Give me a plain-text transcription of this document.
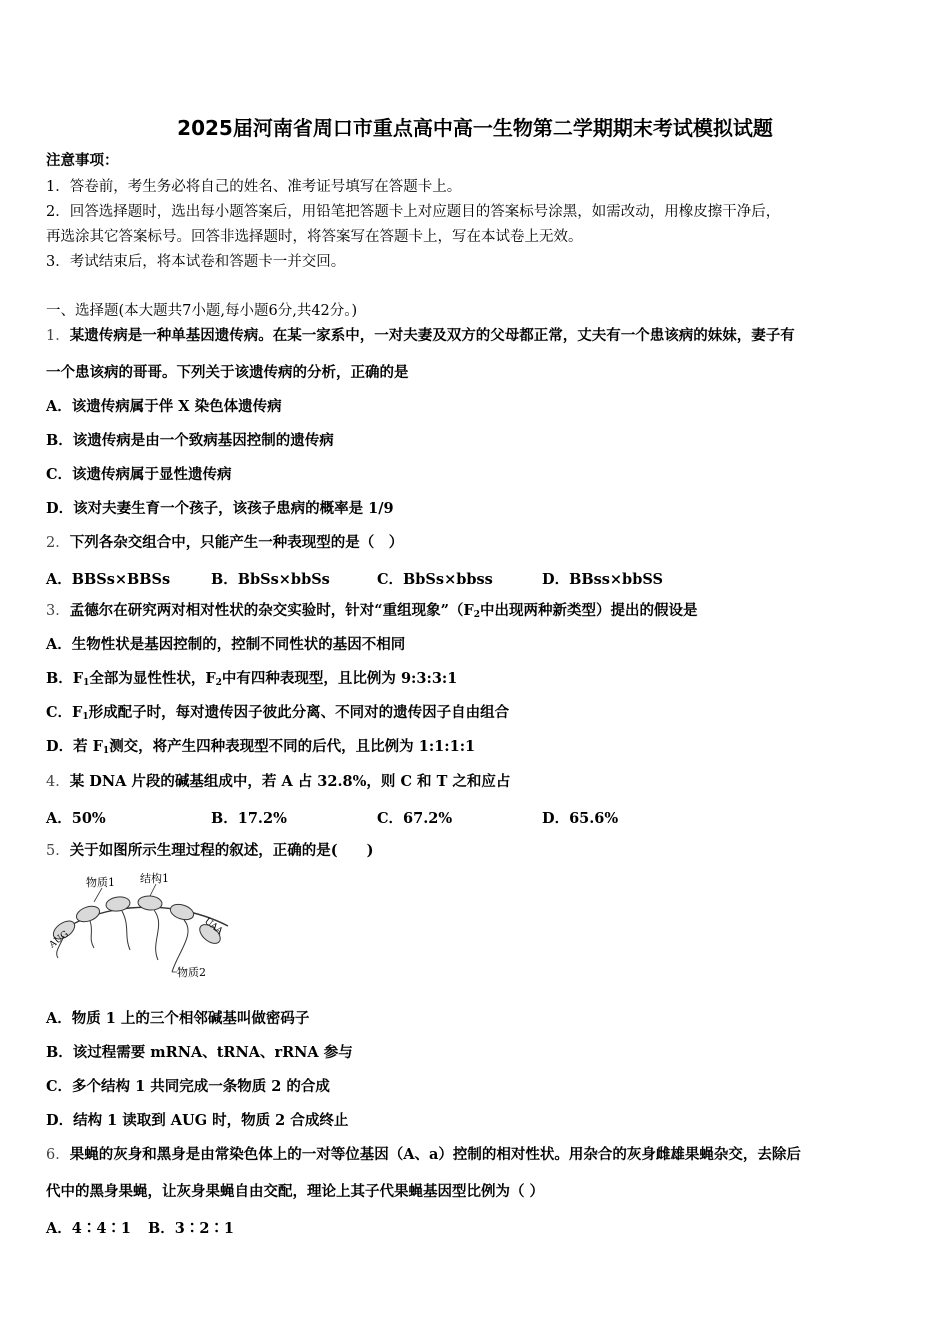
2025届河南省周口市重点高中高一生物第二学期期末考试模拟试题
注意事项：
1．答卷前，考生务必将自己的姓名、准考证号填写在答题卡上。
2．回答选择题时，选出每小题答案后，用铅笔把答题卡上对应题目的答案标号涂黑，如需改动，用橡皮擦干净后，
再选涂其它答案标号。回答非选择题时，将答案写在答题卡上，写在本试卷上无效。
3．考试结束后，将本试卷和答题卡一并交回。
一、选择题(本大题共7小题,每小题6分,共42分。)
1．某遗传病是一种单基因遗传病。在某一家系中，一对夫妻及双方的父母都正常，丈夫有一个患该病的妹妹，妻子有
一个患该病的哥哥。下列关于该遗传病的分析，正确的是
A．该遗传病属于伴 X 染色体遗传病
B．该遗传病是由一个致病基因控制的遗传病
C．该遗传病属于显性遗传病
D．该对夫妻生育一个孩子，该孩子患病的概率是 1/9
2．下列各杂交组合中，只能产生一种表现型的是（　）
A．BBSs×BBSs	B．BbSs×bbSs	C．BbSs×bbss	D．BBss×bbSS
3．孟德尔在研究两对相对性状的杂交实验时，针对“重组现象$”(F_2$中出现两种新类型）提出的假设是
A．生物性状是基因控制的，控制不同性状的基因不相同
B．$F_1$全部为显性性状，$F_2$中有四种表现型，且比例为 9:3:3:1
C．$F_1$形成配子时，每对遗传因子彼此分离、不同对的遗传因子自由组合
D．若 $F_1$测交，将产生四种表现型不同的后代，且比例为 1:1:1:1
4．某 DNA 片段的碱基组成中，若 A 占 32.8%，则 C 和 T 之和应占
A．50%	B．17.2%	C．67.2%	D．65.6%
5．关于如图所示生理过程的叙述，正确的是(　　)
物质1 结构1
物质2
AUG
UAA
A．物质 1 上的三个相邻碱基叫做密码子
B．该过程需要 mRNA、tRNA、rRNA 参与
C．多个结构 1 共同完成一条物质 2 的合成
D．结构 1 读取到 AUG 时，物质 2 合成终止
6．果蝇的灰身和黑身是由常染色体上的一对等位基因（A、a）控制的相对性状。用杂合的灰身雌雄果蝇杂交，去除后
代中的黑身果蝇，让灰身果蝇自由交配，理论上其子代果蝇基因型比例为（ ）
A．4∶4∶1 B．3∶2∶1
